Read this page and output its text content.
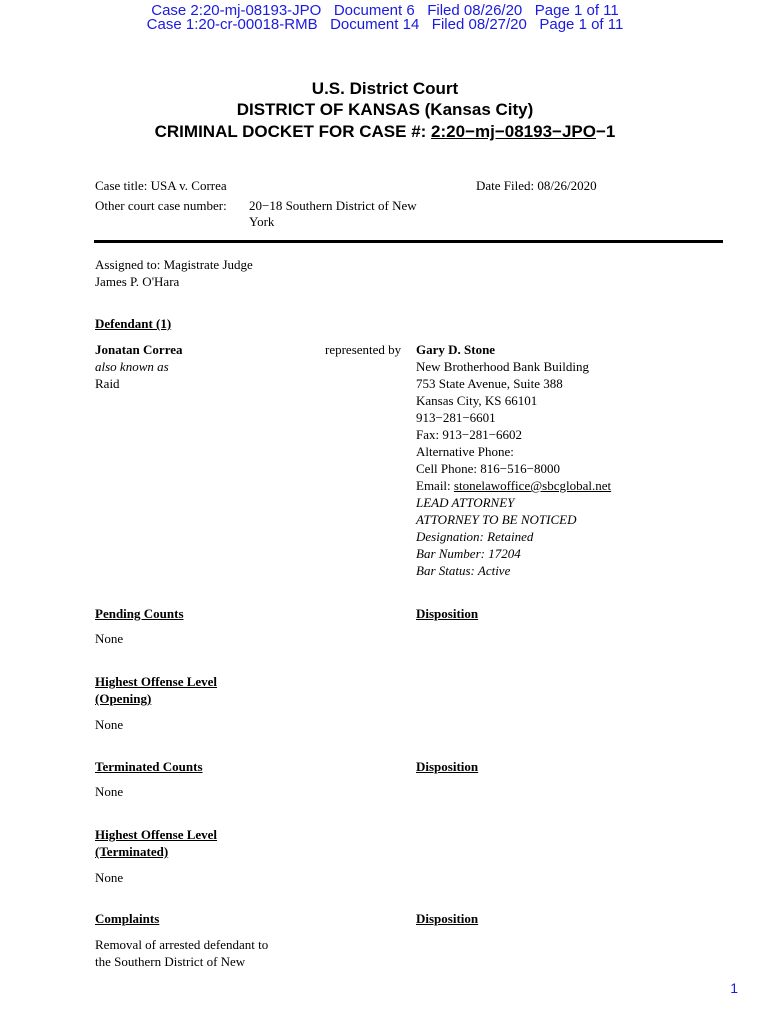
Case 2:20-mj-08193-JPO   Document 6   Filed 08/26/20   Page 1 of 11
Case 1:20-cr-00018-RMB   Document 14   Filed 08/27/20   Page 1 of 11
U.S. District Court
DISTRICT OF KANSAS (Kansas City)
CRIMINAL DOCKET FOR CASE #: 2:20−mj−08193−JPO−1
Case title: USA v. Correa	Date Filed: 08/26/2020
Other court case number: 20−18 Southern District of New
York
Assigned to: Magistrate Judge
James P. O'Hara
Defendant (1)
Jonatan Correa
also known as
Raid
represented by Gary D. Stone
New Brotherhood Bank Building
753 State Avenue, Suite 388
Kansas City, KS 66101
913−281−6601
Fax: 913−281−6602
Alternative Phone:
Cell Phone: 816−516−8000
Email: stonelawoffice@sbcglobal.net
LEAD ATTORNEY
ATTORNEY TO BE NOTICED
Designation: Retained
Bar Number: 17204
Bar Status: Active
Pending Counts	Disposition
None
Highest Offense Level
(Opening)
None
Terminated Counts	Disposition
None
Highest Offense Level
(Terminated)
None
Complaints	Disposition
Removal of arrested defendant to
the Southern District of New
1
